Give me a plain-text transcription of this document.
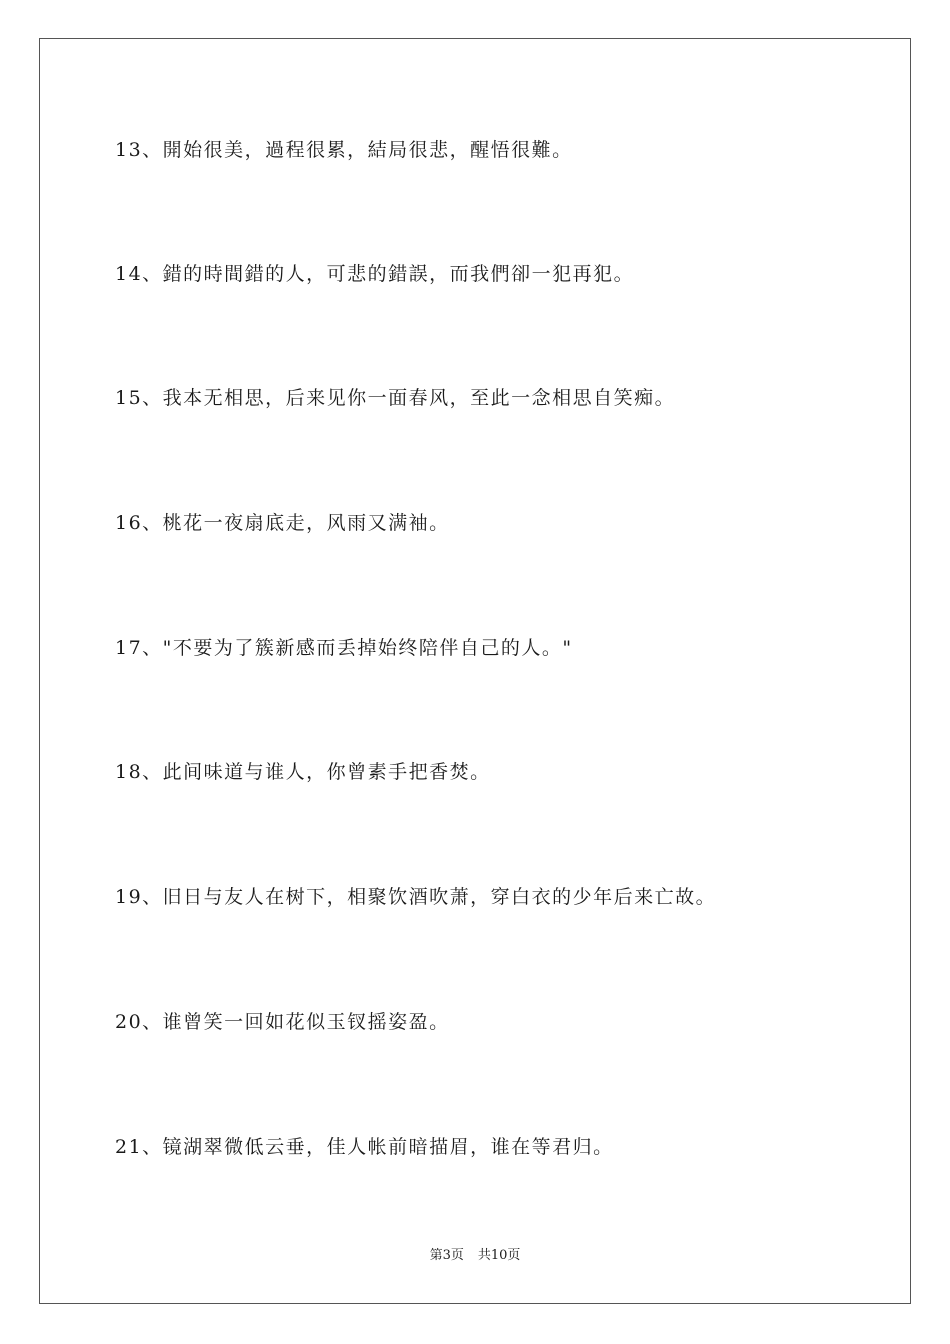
13、開始很美，過程很累，結局很悲，醒悟很難。
14、錯的時間錯的人，可悲的錯誤，而我們卻一犯再犯。
15、我本无相思，后来见你一面春风，至此一念相思自笑痴。
16、桃花一夜扇底走，风雨又满袖。
17、"不要为了簇新感而丢掉始终陪伴自己的人。"
18、此间味道与谁人，你曾素手把香焚。
19、旧日与友人在树下，相聚饮酒吹萧，穿白衣的少年后来亡故。
20、谁曾笑一回如花似玉钗摇姿盈。
21、镜湖翠微低云垂，佳人帐前暗描眉，谁在等君归。
第3页 共10页
